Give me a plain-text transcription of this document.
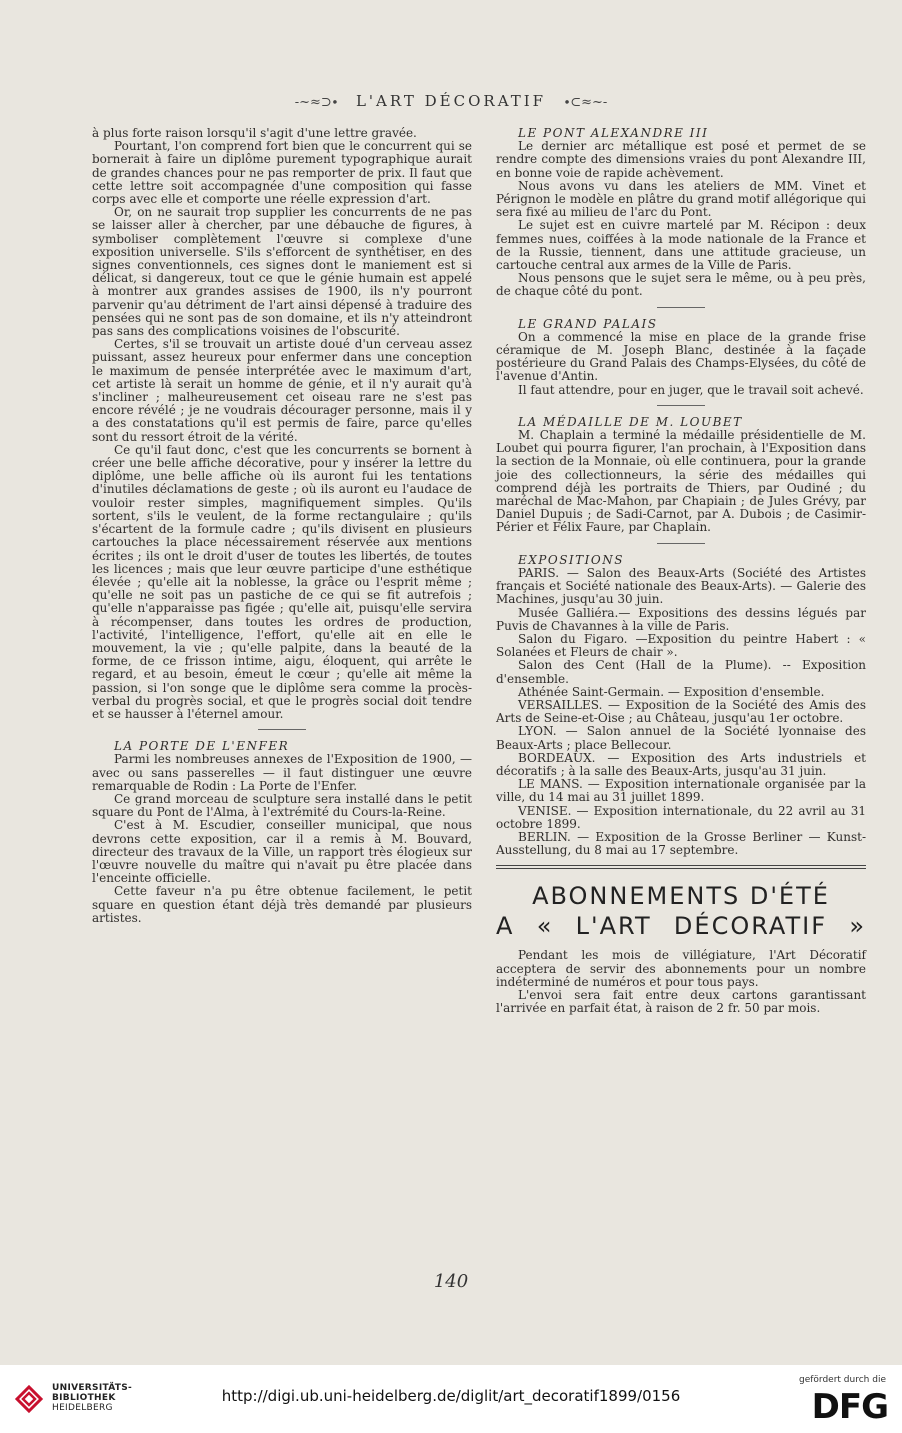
-~≈⊃∙ L'ART DÉCORATIF ∙⊂≈~-

à plus forte raison lorsqu'il s'agit d'une lettre gravée.

Pourtant, l'on comprend fort bien que le concurrent qui se bornerait à faire un diplôme purement typographique aurait de grandes chances pour ne pas remporter de prix. Il faut que cette lettre soit accompagnée d'une composition qui fasse corps avec elle et comporte une réelle expression d'art.

Or, on ne saurait trop supplier les concurrents de ne pas se laisser aller à chercher, par une débauche de figures, à symboliser complètement l'œuvre si complexe d'une exposition universelle. S'ils s'efforcent de synthétiser, en des signes conventionnels, ces signes dont le maniement est si délicat, si dangereux, tout ce que le génie humain est appelé à montrer aux grandes assises de 1900, ils n'y pourront parvenir qu'au détriment de l'art ainsi dépensé à traduire des pensées qui ne sont pas de son domaine, et ils n'y atteindront pas sans des complications voisines de l'obscurité.

Certes, s'il se trouvait un artiste doué d'un cerveau assez puissant, assez heureux pour enfermer dans une conception le maximum de pensée interprétée avec le maximum d'art, cet artiste là serait un homme de génie, et il n'y aurait qu'à s'incliner ; malheureusement cet oiseau rare ne s'est pas encore révélé ; je ne voudrais décourager personne, mais il y a des constatations qu'il est permis de faire, parce qu'elles sont du ressort étroit de la vérité.

Ce qu'il faut donc, c'est que les concurrents se bornent à créer une belle affiche décorative, pour y insérer la lettre du diplôme, une belle affiche où ils auront fui les tentations d'inutiles déclamations de geste ; où ils auront eu l'audace de vouloir rester simples, magnifiquement simples. Qu'ils sortent, s'ils le veulent, de la forme rectangulaire ; qu'ils s'écartent de la formule cadre ; qu'ils divisent en plusieurs cartouches la place nécessairement réservée aux mentions écrites ; ils ont le droit d'user de toutes les libertés, de toutes les licences ; mais que leur œuvre participe d'une esthétique élevée ; qu'elle ait la noblesse, la grâce ou l'esprit même ; qu'elle ne soit pas un pastiche de ce qui se fit autrefois ; qu'elle n'apparaisse pas figée ; qu'elle ait, puisqu'elle servira à récompenser, dans toutes les ordres de production, l'activité, l'intelligence, l'effort, qu'elle ait en elle le mouvement, la vie ; qu'elle palpite, dans la beauté de la forme, de ce frisson intime, aigu, éloquent, qui arrête le regard, et au besoin, émeut le cœur ; qu'elle ait même la passion, si l'on songe que le diplôme sera comme la procès-verbal du progrès social, et que le progrès social doit tendre et se hausser à l'éternel amour.

LA PORTE DE L'ENFER

Parmi les nombreuses annexes de l'Exposition de 1900, — avec ou sans passerelles — il faut distinguer une œuvre remarquable de Rodin : La Porte de l'Enfer.

Ce grand morceau de sculpture sera installé dans le petit square du Pont de l'Alma, à l'extrémité du Cours-la-Reine.

C'est à M. Escudier, conseiller municipal, que nous devrons cette exposition, car il a remis à M. Bouvard, directeur des travaux de la Ville, un rapport très élogieux sur l'œuvre nouvelle du maître qui n'avait pu être placée dans l'enceinte officielle.

Cette faveur n'a pu être obtenue facilement, le petit square en question étant déjà très demandé par plusieurs artistes.

LE PONT ALEXANDRE III

Le dernier arc métallique est posé et permet de se rendre compte des dimensions vraies du pont Alexandre III, en bonne voie de rapide achèvement.

Nous avons vu dans les ateliers de MM. Vinet et Pérignon le modèle en plâtre du grand motif allégorique qui sera fixé au milieu de l'arc du Pont.

Le sujet est en cuivre martelé par M. Récipon : deux femmes nues, coiffées à la mode nationale de la France et de la Russie, tiennent, dans une attitude gracieuse, un cartouche central aux armes de la Ville de Paris.

Nous pensons que le sujet sera le même, ou à peu près, de chaque côté du pont.

LE GRAND PALAIS

On a commencé la mise en place de la grande frise céramique de M. Joseph Blanc, destinée à la façade postérieure du Grand Palais des Champs-Elysées, du côté de l'avenue d'Antin.

Il faut attendre, pour en juger, que le travail soit achevé.

LA MÉDAILLE DE M. LOUBET

M. Chaplain a terminé la médaille présidentielle de M. Loubet qui pourra figurer, l'an prochain, à l'Exposition dans la section de la Monnaie, où elle continuera, pour la grande joie des collectionneurs, la série des médailles qui comprend déjà les portraits de Thiers, par Oudiné ; du maréchal de Mac-Mahon, par Chapiain ; de Jules Grévy, par Daniel Dupuis ; de Sadi-Carnot, par A. Dubois ; de Casimir-Périer et Félix Faure, par Chaplain.

EXPOSITIONS

PARIS. — Salon des Beaux-Arts (Société des Artistes français et Société nationale des Beaux-Arts). — Galerie des Machines, jusqu'au 30 juin.

Musée Galliéra.— Expositions des dessins légués par Puvis de Chavannes à la ville de Paris.

Salon du Figaro. —Exposition du peintre Habert : « Solanées et Fleurs de chair ».

Salon des Cent (Hall de la Plume). -- Exposition d'ensemble.

Athénée Saint-Germain. — Exposition d'ensemble.

VERSAILLES. — Exposition de la Société des Amis des Arts de Seine-et-Oise ; au Château, jusqu'au 1er octobre.

LYON. — Salon annuel de la Société lyonnaise des Beaux-Arts ; place Bellecour.

BORDEAUX. — Exposition des Arts industriels et décoratifs ; à la salle des Beaux-Arts, jusqu'au 31 juin.

LE MANS. — Exposition internationale organisée par la ville, du 14 mai au 31 juillet 1899.

VENISE. — Exposition internationale, du 22 avril au 31 octobre 1899.

BERLIN. — Exposition de la Grosse Berliner — Kunst- Ausstellung, du 8 mai au 17 septembre.

ABONNEMENTS D'ÉTÉ
A « L'ART DÉCORATIF »

Pendant les mois de villégiature, l'Art Décoratif acceptera de servir des abonnements pour un nombre indéterminé de numéros et pour tous pays.

L'envoi sera fait entre deux cartons garantissant l'arrivée en parfait état, à raison de 2 fr. 50 par mois.

140
UNIVERSITÄTS-
BIBLIOTHEK
HEIDELBERG
http://digi.ub.uni-heidelberg.de/diglit/art_decoratif1899/0156
gefördert durch die
DFG
